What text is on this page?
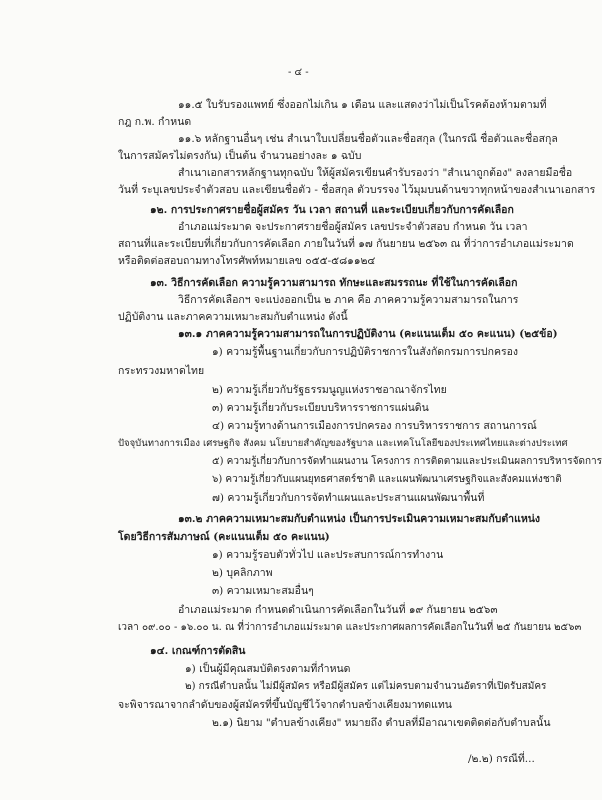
- ๔ -
๑๑.๕ ใบรับรองแพทย์ ซึ่งออกไม่เกิน ๑ เดือน และแสดงว่าไม่เป็นโรคต้องห้ามตามที่
กฎ ก.พ. กำหนด
๑๑.๖ หลักฐานอื่นๆ เช่น สำเนาใบเปลี่ยนชื่อตัวและชื่อสกุล (ในกรณี ชื่อตัวและชื่อสกุล
ในการสมัครไม่ตรงกัน) เป็นต้น จำนวนอย่างละ ๑ ฉบับ
สำเนาเอกสารหลักฐานทุกฉบับ ให้ผู้สมัครเขียนคำรับรองว่า "สำเนาถูกต้อง" ลงลายมือชื่อ
วันที่ ระบุเลขประจำตัวสอบ และเขียนชื่อตัว - ชื่อสกุล ตัวบรรจง ไว้มุมบนด้านขวาทุกหน้าของสำเนาเอกสาร
๑๒. การประกาศรายชื่อผู้สมัคร วัน เวลา สถานที่ และระเบียบเกี่ยวกับการคัดเลือก
อำเภอแม่ระมาด จะประกาศรายชื่อผู้สมัคร เลขประจำตัวสอบ กำหนด วัน เวลา
สถานที่และระเบียบที่เกี่ยวกับการคัดเลือก ภายในวันที่ ๑๗ กันยายน ๒๕๖๓ ณ ที่ว่าการอำเภอแม่ระมาด
หรือติดต่อสอบถามทางโทรศัพท์หมายเลข ๐๕๕-๕๘๑๑๒๔
๑๓. วิธีการคัดเลือก ความรู้ความสามารถ ทักษะและสมรรถนะ ที่ใช้ในการคัดเลือก
วิธีการคัดเลือกฯ จะแบ่งออกเป็น ๒ ภาค คือ ภาคความรู้ความสามารถในการ
ปฏิบัติงาน และภาคความเหมาะสมกับตำแหน่ง ดังนี้
๑๓.๑ ภาคความรู้ความสามารถในการปฏิบัติงาน (คะแนนเต็ม ๕๐ คะแนน) (๒๕ข้อ)
๑) ความรู้พื้นฐานเกี่ยวกับการปฏิบัติราชการในสังกัดกรมการปกครอง
กระทรวงมหาดไทย
๒) ความรู้เกี่ยวกับรัฐธรรมนูญแห่งราชอาณาจักรไทย
๓) ความรู้เกี่ยวกับระเบียบบริหารราชการแผ่นดิน
๔) ความรู้ทางด้านการเมืองการปกครอง การบริหารราชการ สถานการณ์
ปัจจุบันทางการเมือง เศรษฐกิจ สังคม นโยบายสำคัญของรัฐบาล และเทคโนโลยีของประเทศไทยและต่างประเทศ
๕) ความรู้เกี่ยวกับการจัดทำแผนงาน โครงการ การติดตามและประเมินผลการบริหารจัดการ
๖) ความรู้เกี่ยวกับแผนยุทธศาสตร์ชาติ และแผนพัฒนาเศรษฐกิจและสังคมแห่งชาติ
๗) ความรู้เกี่ยวกับการจัดทำแผนและประสานแผนพัฒนาพื้นที่
๑๓.๒ ภาคความเหมาะสมกับตำแหน่ง เป็นการประเมินความเหมาะสมกับตำแหน่ง
โดยวิธีการสัมภาษณ์ (คะแนนเต็ม ๕๐ คะแนน)
๑) ความรู้รอบตัวทั่วไป และประสบการณ์การทำงาน
๒) บุคลิกภาพ
๓) ความเหมาะสมอื่นๆ
อำเภอแม่ระมาด กำหนดดำเนินการคัดเลือกในวันที่ ๑๙ กันยายน ๒๕๖๓
เวลา ๐๙.๐๐ - ๑๖.๐๐ น. ณ ที่ว่าการอำเภอแม่ระมาด และประกาศผลการคัดเลือกในวันที่ ๒๕ กันยายน ๒๕๖๓
๑๔. เกณฑ์การตัดสิน
๑) เป็นผู้มีคุณสมบัติตรงตามที่กำหนด
๒) กรณีตำบลนั้น ไม่มีผู้สมัคร หรือมีผู้สมัคร แต่ไม่ครบตามจำนวนอัตราที่เปิดรับสมัคร
จะพิจารณาจากลำดับของผู้สมัครที่ขึ้นบัญชีไว้จากตำบลข้างเคียงมาทดแทน
๒.๑) นิยาม "ตำบลข้างเคียง" หมายถึง ตำบลที่มีอาณาเขตติดต่อกับตำบลนั้น
/๒.๒) กรณีที่...
